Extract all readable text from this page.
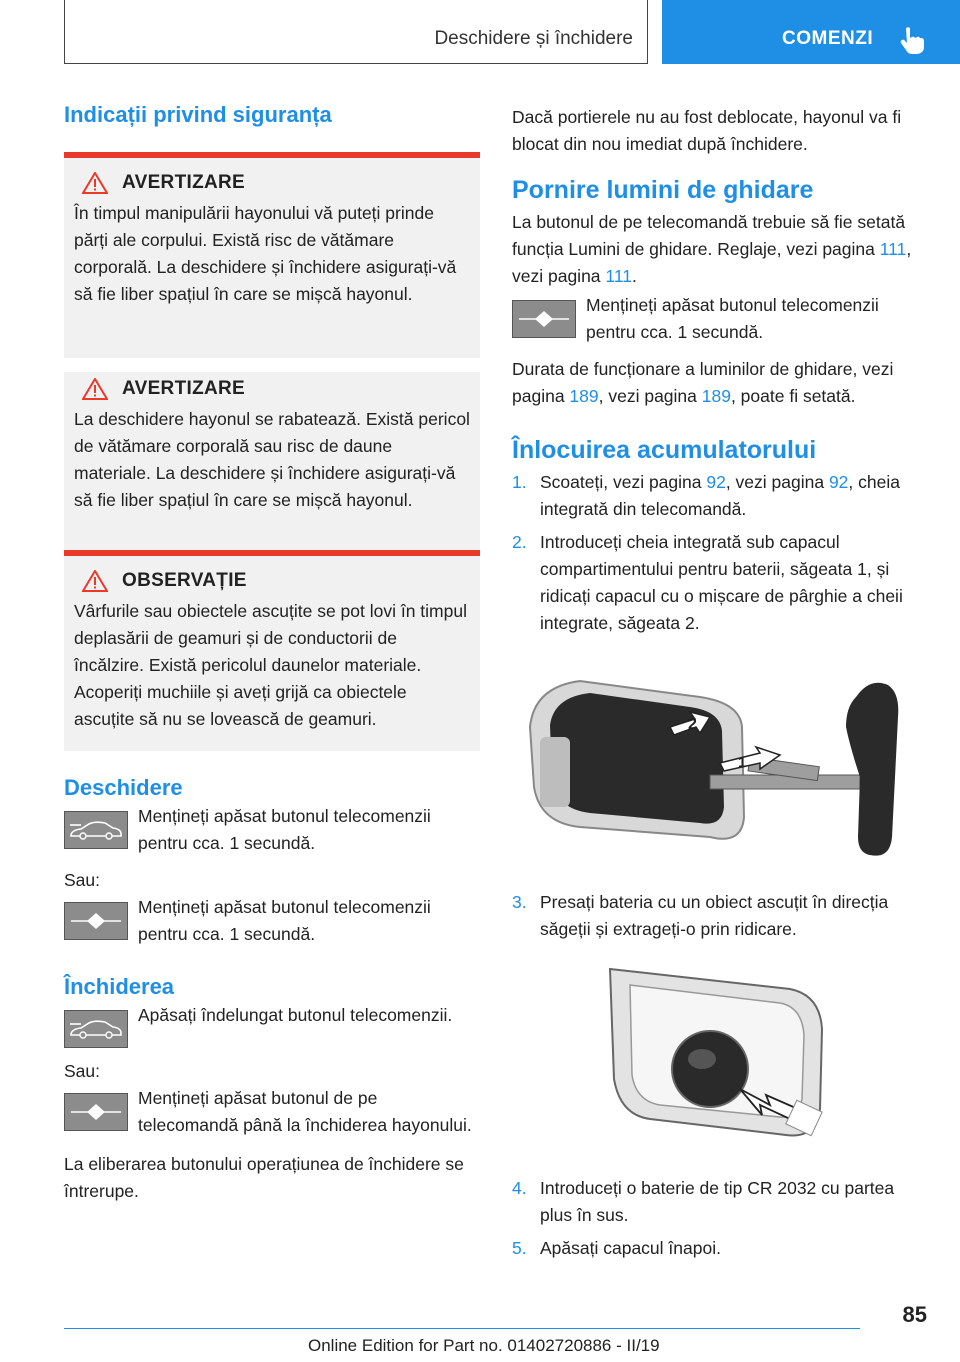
Deschidere și închidere	COMENZI
Indicații privind siguranța
AVERTIZARE
În timpul manipulării hayonului vă puteți prinde părți ale corpului. Există risc de vătămare corporală. La deschidere și închidere asigurați-vă să fie liber spațiul în care se mișcă hayonul.
AVERTIZARE
La deschidere hayonul se rabatează. Există pericol de vătămare corporală sau risc de daune materiale. La deschidere și închidere asigurați-vă să fie liber spațiul în care se mișcă hayonul.
OBSERVAȚIE
Vârfurile sau obiectele ascuțite se pot lovi în timpul deplasării de geamuri și de conductorii de încălzire. Există pericolul daunelor materiale. Acoperiți muchiile și aveți grijă ca obiectele ascuțite să nu se lovească de geamuri.
Deschidere
Mențineți apăsat butonul telecomenzii pentru cca. 1 secundă.

Sau:

Mențineți apăsat butonul telecomenzii pentru cca. 1 secundă.
Închiderea
Apăsați îndelungat butonul telecomenzii.

Sau:

Mențineți apăsat butonul de pe telecomandă până la închiderea hayonului.

La eliberarea butonului operațiunea de închidere se întrerupe.

Dacă portierele nu au fost deblocate, hayonul va fi blocat din nou imediat după închidere.

Pornire lumini de ghidare

La butonul de pe telecomandă trebuie să fie setată funcția Lumini de ghidare. Reglaje, vezi pagina 111, vezi pagina 111.

Mențineți apăsat butonul telecomenzii pentru cca. 1 secundă.

Durata de funcționare a luminilor de ghidare, vezi pagina 189, vezi pagina 189, poate fi setată.

Înlocuirea acumulatorului
1. Scoateți, vezi pagina 92, vezi pagina 92, cheia integrată din telecomandă.
2. Introduceți cheia integrată sub capacul compartimentului pentru baterii, săgeata 1, și ridicați capacul cu o mișcare de pârghie a cheii integrate, săgeata 2.
2
1
3. Presați bateria cu un obiect ascuțit în direcția săgeții și extrageți-o prin ridicare.
4. Introduceți o baterie de tip CR 2032 cu partea plus în sus.
5. Apăsați capacul înapoi.
85
Online Edition for Part no. 01402720886 - II/19
